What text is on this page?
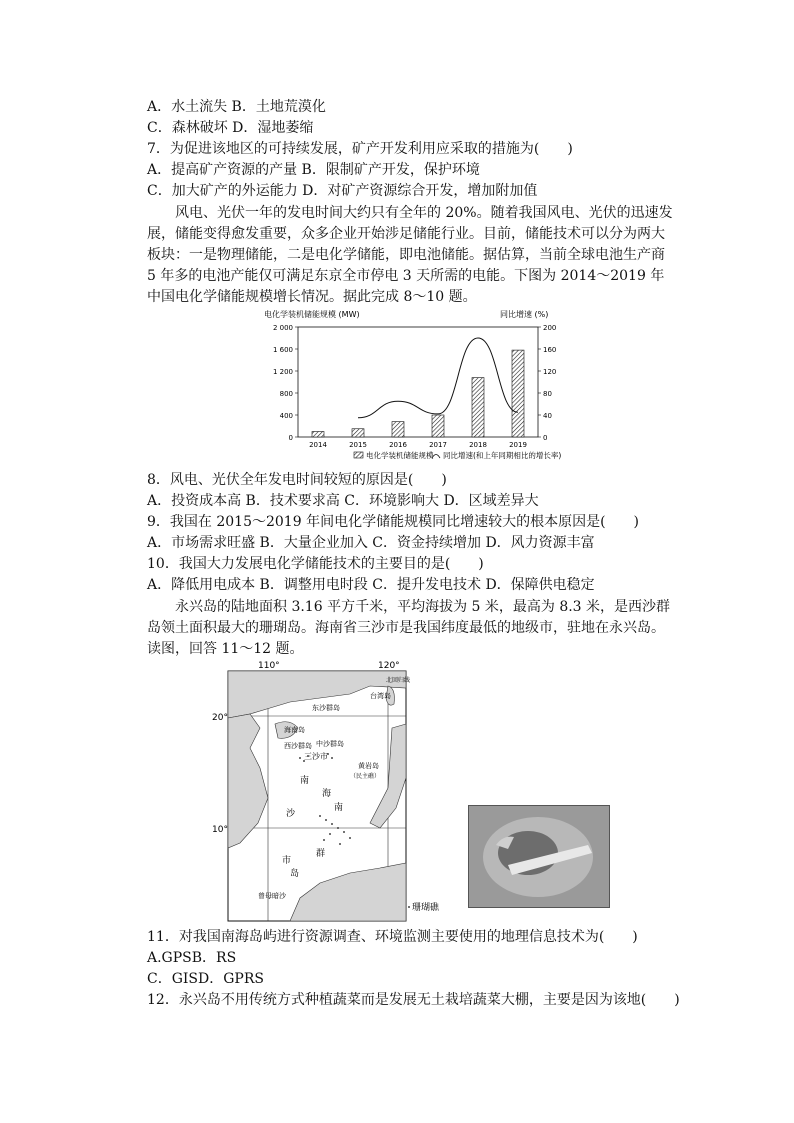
A．水土流失 B．土地荒漠化
C．森林破坏 D．湿地萎缩
7．为促进该地区的可持续发展，矿产开发利用应采取的措施为(　　)
A．提高矿产资源的产量 B．限制矿产开发，保护环境
C．加大矿产的外运能力 D．对矿产资源综合开发，增加附加值
风电、光伏一年的发电时间大约只有全年的 20%。随着我国风电、光伏的迅速发展，储能变得愈发重要，众多企业开始涉足储能行业。目前，储能技术可以分为两大板块：一是物理储能，二是电化学储能，即电池储能。据估算，当前全球电池生产商 5 年多的电池产能仅可满足东京全市停电 3 天所需的电能。下图为 2014～2019 年中国电化学储能规模增长情况。据此完成 8～10 题。
电化学装机储能规模 (MW)	同比增速 (%)
0
400
800
1 200
1 600
2 000
0
40
80
120
160
200
2014	2015	2016	2017	2018	2019
电化学装机储能规模 同比增速(和上年同期相比的增长率)
8．风电、光伏全年发电时间较短的原因是(　　)
A．投资成本高 B．技术要求高 C．环境影响大 D．区域差异大
9．我国在 2015～2019 年间电化学储能规模同比增速较大的根本原因是(　　)
A．市场需求旺盛 B．大量企业加入 C．资金持续增加 D．风力资源丰富
10．我国大力发展电化学储能技术的主要目的是(　　)
A．降低用电成本 B．调整用电时段 C．提升发电技术 D．保障供电稳定
永兴岛的陆地面积 3.16 平方千米，平均海拔为 5 米，最高为 8.3 米，是西沙群岛领土面积最大的珊瑚岛。海南省三沙市是我国纬度最低的地级市，驻地在永兴岛。读图，回答 11～12 题。
110°	120°
20°
10°
北回归线
台湾岛
东沙群岛
海南岛
西沙群岛 中沙群岛
三沙市
黄岩岛
（民主礁）
南
海
沙
南
市
群
岛
曾母暗沙
珊瑚礁
11．对我国南海岛屿进行资源调查、环境监测主要使用的地理信息技术为(　　)
A.GPSB．RS
C．GISD．GPRS
12．永兴岛不用传统方式种植蔬菜而是发展无土栽培蔬菜大棚，主要是因为该地(　　)
